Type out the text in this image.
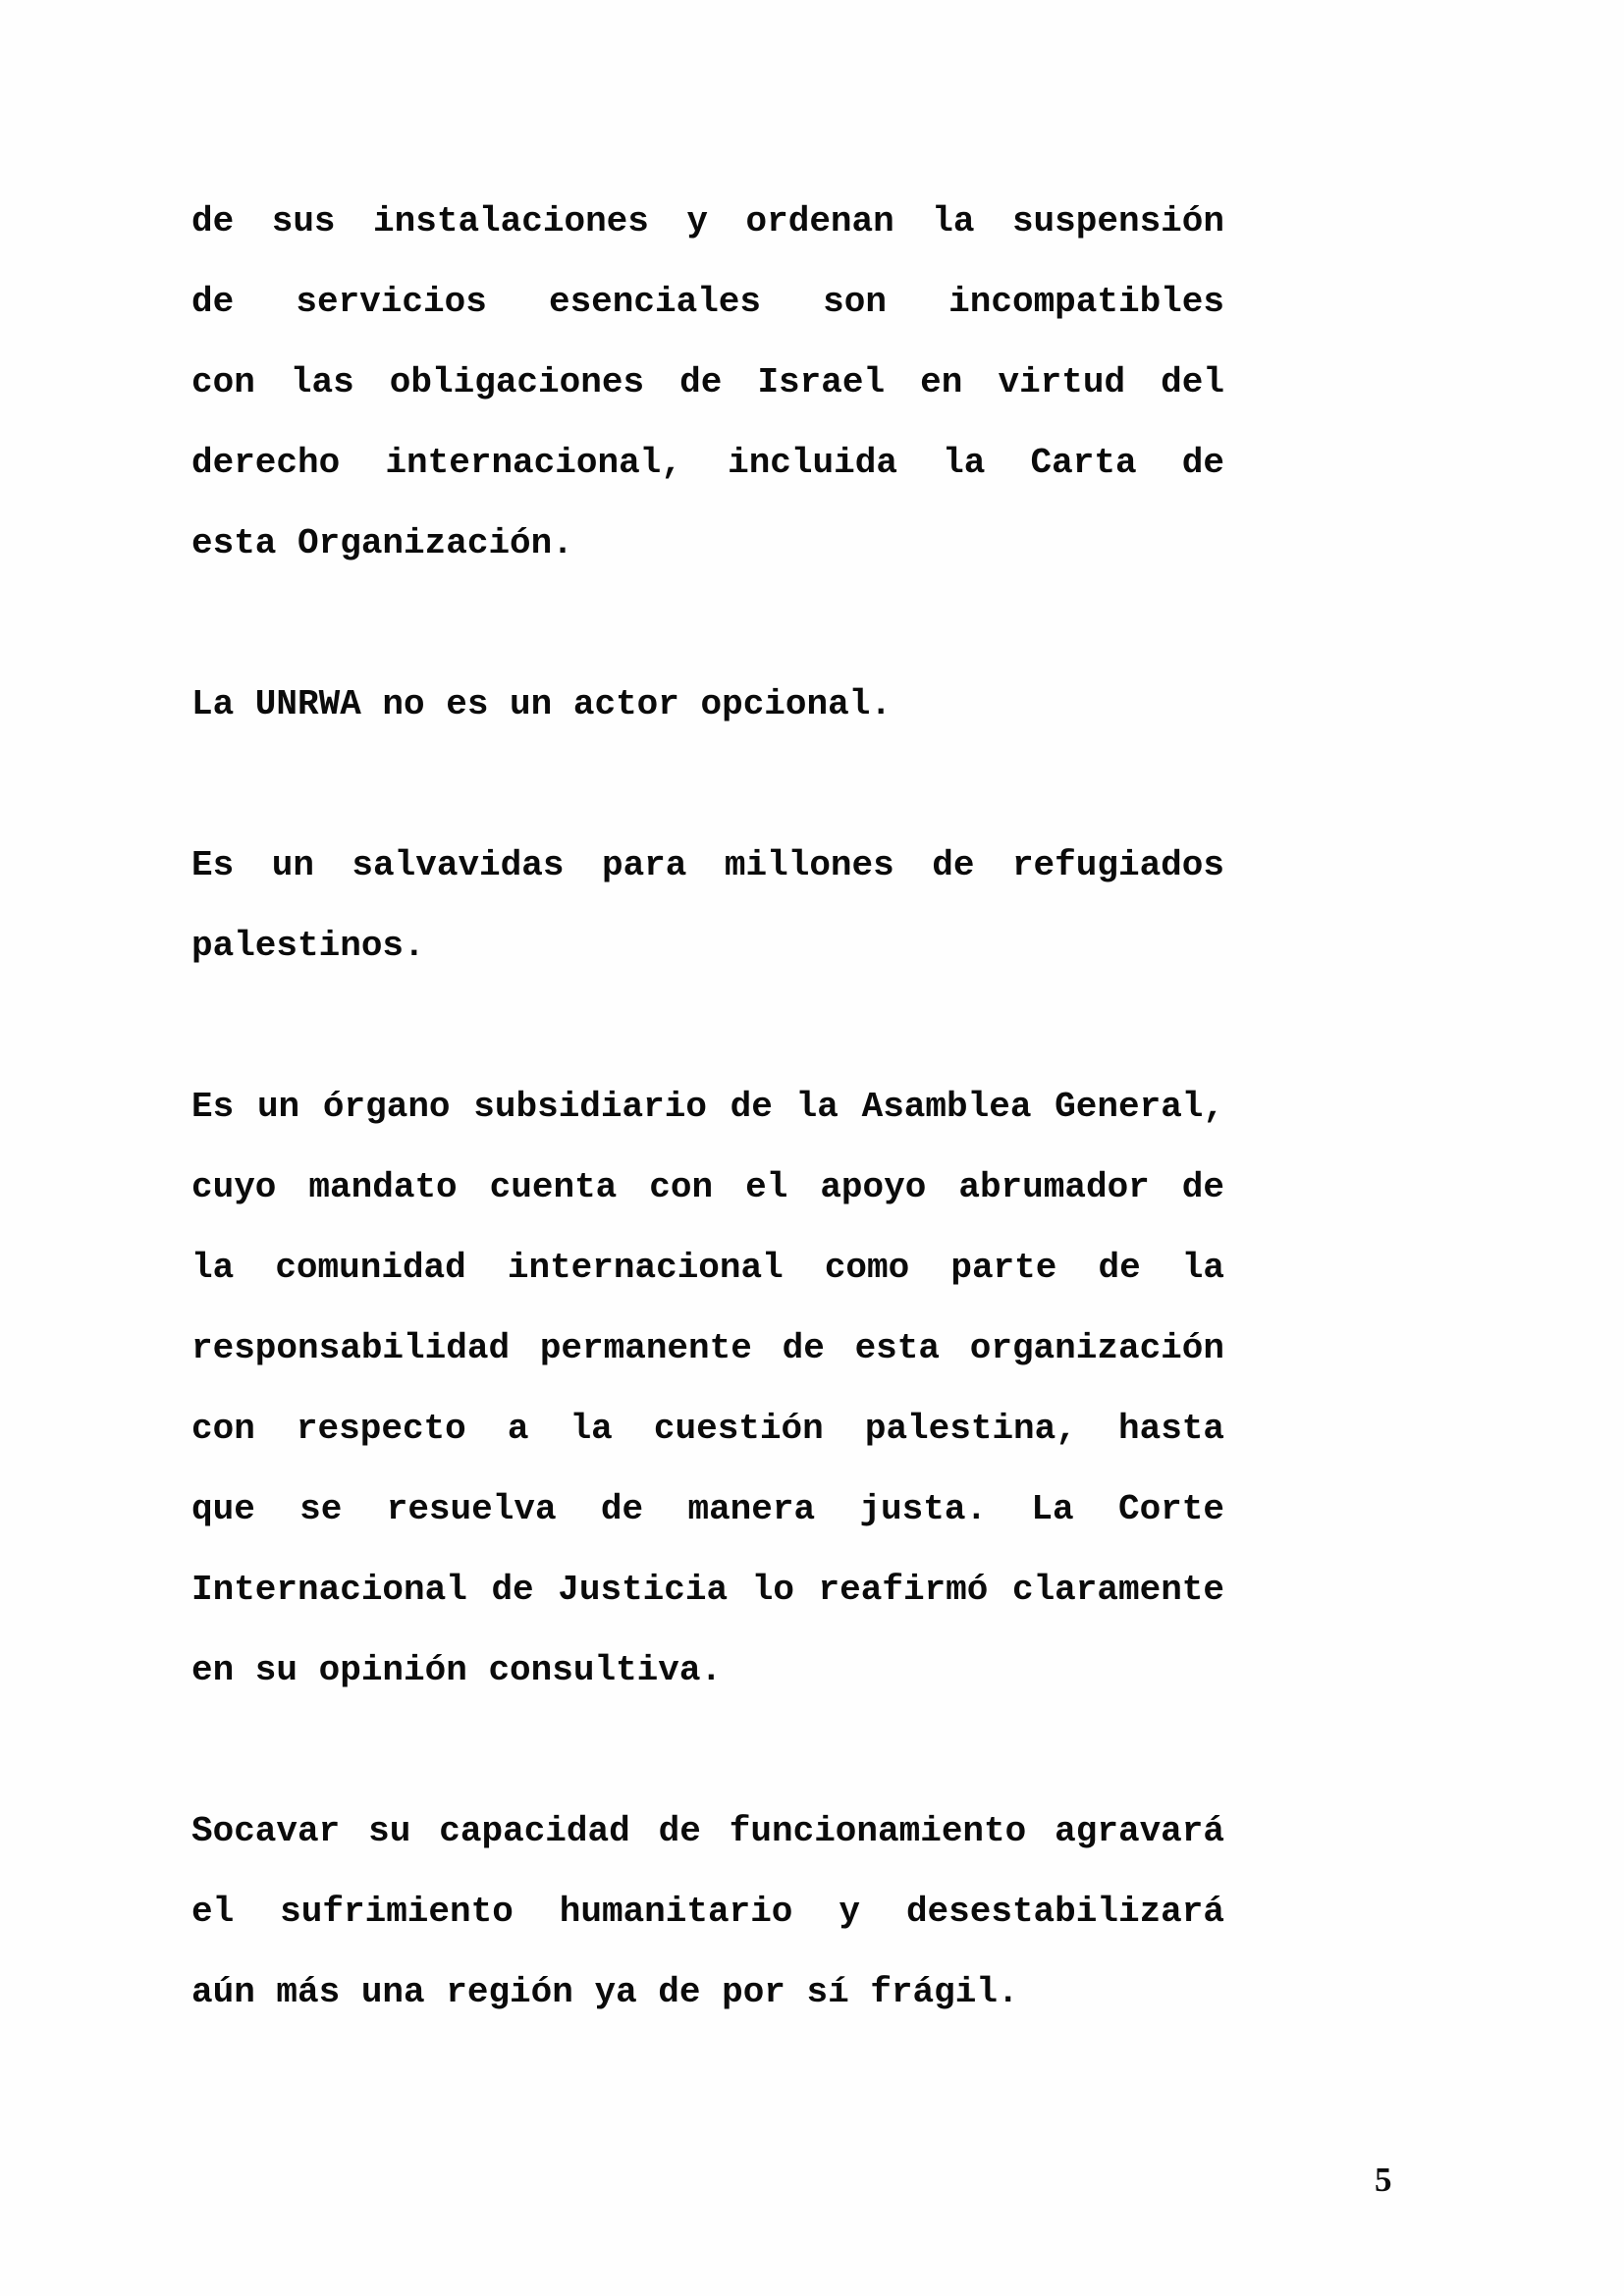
de sus instalaciones y ordenan la suspensión
de servicios esenciales son incompatibles
con las obligaciones de Israel en virtud del
derecho internacional, incluida la Carta de
esta Organización.
La UNRWA no es un actor opcional.
Es un salvavidas para millones de refugiados
palestinos.
Es un órgano subsidiario de la Asamblea General,
cuyo mandato cuenta con el apoyo abrumador de
la comunidad internacional como parte de la
responsabilidad permanente de esta organización
con respecto a la cuestión palestina, hasta
que se resuelva de manera justa. La Corte
Internacional de Justicia lo reafirmó claramente
en su opinión consultiva.
Socavar su capacidad de funcionamiento agravará
el sufrimiento humanitario y desestabilizará
aún más una región ya de por sí frágil.
5
